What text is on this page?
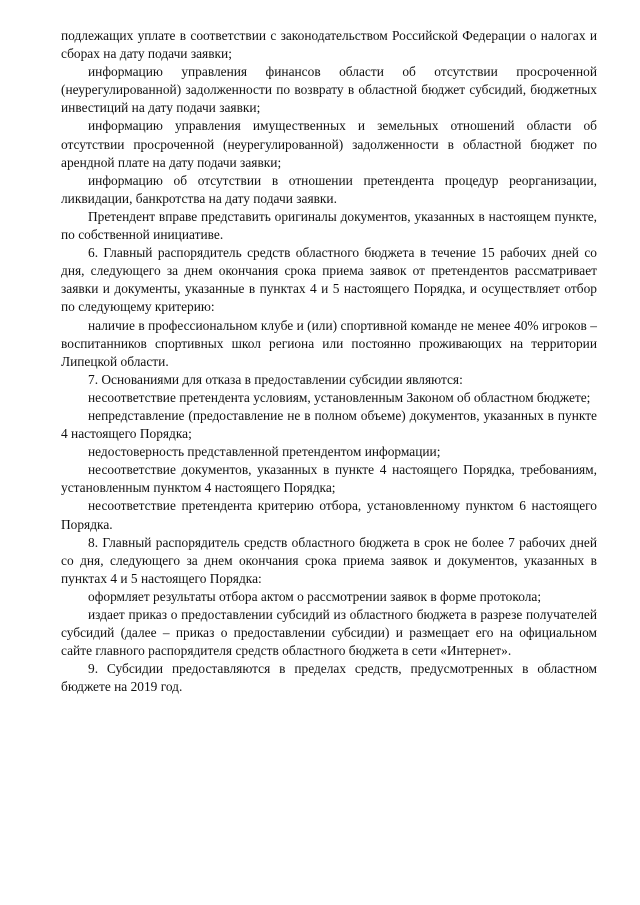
подлежащих уплате в соответствии с законодательством Российской Федерации о налогах и сборах на дату подачи заявки;

информацию управления финансов области об отсутствии просроченной (неурегулированной) задолженности по возврату в областной бюджет субсидий, бюджетных инвестиций на дату подачи заявки;

информацию управления имущественных и земельных отношений области об отсутствии просроченной (неурегулированной) задолженности в областной бюджет по арендной плате на дату подачи заявки;

информацию об отсутствии в отношении претендента процедур реорганизации, ликвидации, банкротства на дату подачи заявки.

Претендент вправе представить оригиналы документов, указанных в настоящем пункте, по собственной инициативе.

6. Главный распорядитель средств областного бюджета в течение 15 рабочих дней со дня, следующего за днем окончания срока приема заявок от претендентов рассматривает заявки и документы, указанные в пунктах 4 и 5 настоящего Порядка, и осуществляет отбор по следующему критерию:

наличие в профессиональном клубе и (или) спортивной команде не менее 40% игроков – воспитанников спортивных школ региона или постоянно проживающих на территории Липецкой области.

7. Основаниями для отказа в предоставлении субсидии являются:

несоответствие претендента условиям, установленным Законом об областном бюджете;

непредставление (предоставление не в полном объеме) документов, указанных в пункте 4 настоящего Порядка;

недостоверность представленной претендентом информации;

несоответствие документов, указанных в пункте 4 настоящего Порядка, требованиям, установленным пунктом 4 настоящего Порядка;

несоответствие претендента критерию отбора, установленному пунктом 6 настоящего Порядка.

8. Главный распорядитель средств областного бюджета в срок не более 7 рабочих дней со дня, следующего за днем окончания срока приема заявок и документов, указанных в пунктах 4 и 5 настоящего Порядка:

оформляет результаты отбора актом о рассмотрении заявок в форме протокола;

издает приказ о предоставлении субсидий из областного бюджета в разрезе получателей субсидий (далее – приказ о предоставлении субсидии) и размещает его на официальном сайте главного распорядителя средств областного бюджета в сети «Интернет».

9. Субсидии предоставляются в пределах средств, предусмотренных в областном бюджете на 2019 год.
